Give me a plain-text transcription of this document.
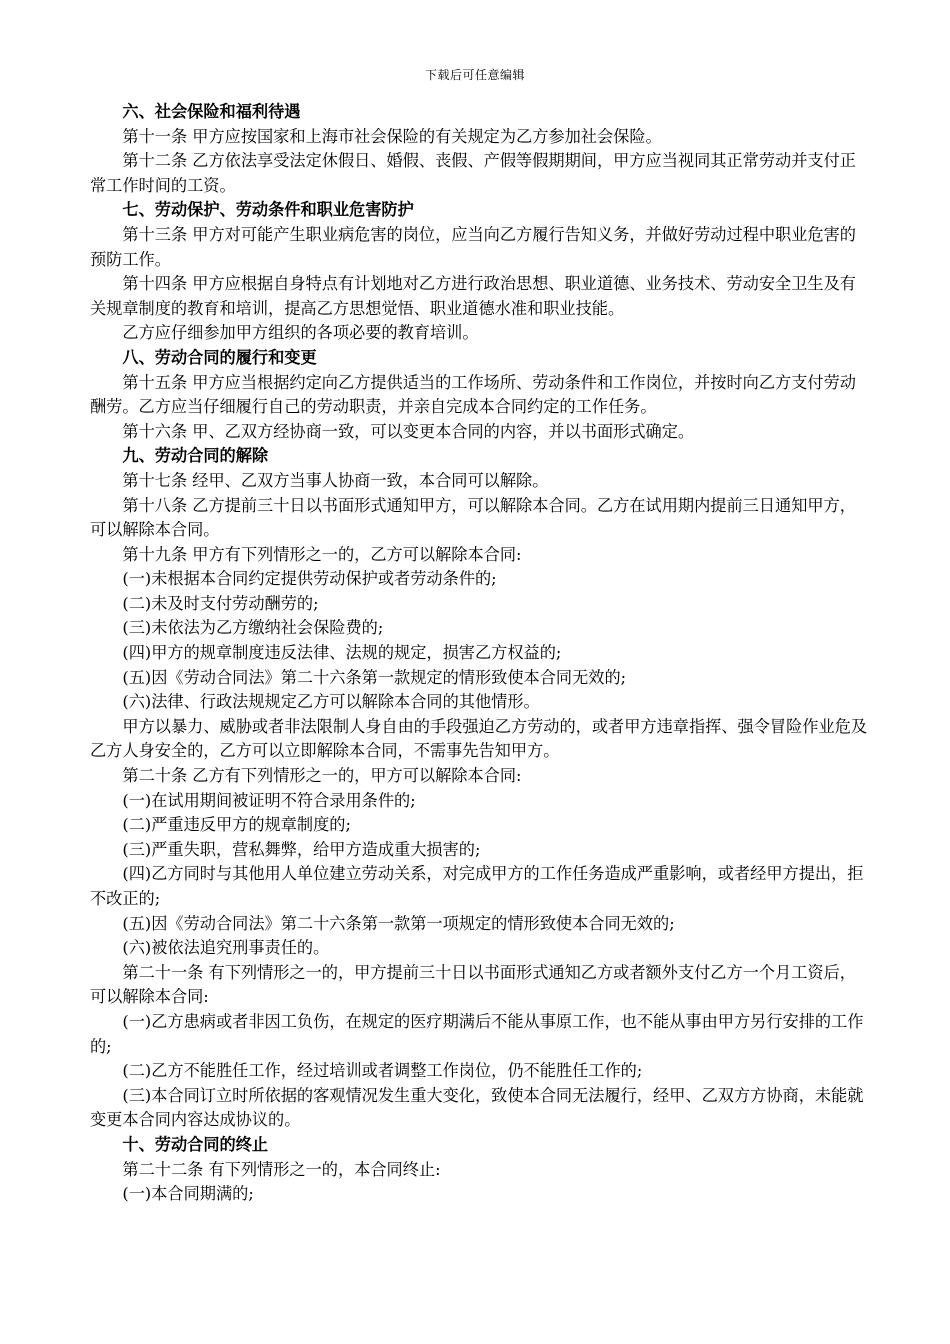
下载后可任意编辑

六、社会保险和福利待遇

第十一条 甲方应按国家和上海市社会保险的有关规定为乙方参加社会保险。

第十二条 乙方依法享受法定休假日、婚假、丧假、产假等假期期间，甲方应当视同其正常劳动并支付正常工作时间的工资。

七、劳动保护、劳动条件和职业危害防护

第十三条 甲方对可能产生职业病危害的岗位，应当向乙方履行告知义务，并做好劳动过程中职业危害的预防工作。

第十四条 甲方应根据自身特点有计划地对乙方进行政治思想、职业道德、业务技术、劳动安全卫生及有关规章制度的教育和培训，提高乙方思想觉悟、职业道德水准和职业技能。

乙方应仔细参加甲方组织的各项必要的教育培训。

八、劳动合同的履行和变更

第十五条 甲方应当根据约定向乙方提供适当的工作场所、劳动条件和工作岗位，并按时向乙方支付劳动酬劳。乙方应当仔细履行自己的劳动职责，并亲自完成本合同约定的工作任务。

第十六条 甲、乙双方经协商一致，可以变更本合同的内容，并以书面形式确定。

九、劳动合同的解除

第十七条 经甲、乙双方当事人协商一致，本合同可以解除。

第十八条 乙方提前三十日以书面形式通知甲方，可以解除本合同。乙方在试用期内提前三日通知甲方，可以解除本合同。

第十九条 甲方有下列情形之一的，乙方可以解除本合同:

(一)未根据本合同约定提供劳动保护或者劳动条件的;

(二)未及时支付劳动酬劳的;

(三)未依法为乙方缴纳社会保险费的;

(四)甲方的规章制度违反法律、法规的规定，损害乙方权益的;

(五)因《劳动合同法》第二十六条第一款规定的情形致使本合同无效的;

(六)法律、行政法规规定乙方可以解除本合同的其他情形。

甲方以暴力、威胁或者非法限制人身自由的手段强迫乙方劳动的，或者甲方违章指挥、强令冒险作业危及乙方人身安全的，乙方可以立即解除本合同，不需事先告知甲方。

第二十条 乙方有下列情形之一的，甲方可以解除本合同:

(一)在试用期间被证明不符合录用条件的;

(二)严重违反甲方的规章制度的;

(三)严重失职，营私舞弊，给甲方造成重大损害的;

(四)乙方同时与其他用人单位建立劳动关系，对完成甲方的工作任务造成严重影响，或者经甲方提出，拒不改正的;

(五)因《劳动合同法》第二十六条第一款第一项规定的情形致使本合同无效的;

(六)被依法追究刑事责任的。

第二十一条 有下列情形之一的，甲方提前三十日以书面形式通知乙方或者额外支付乙方一个月工资后，可以解除本合同:

(一)乙方患病或者非因工负伤，在规定的医疗期满后不能从事原工作，也不能从事由甲方另行安排的工作的;

(二)乙方不能胜任工作，经过培训或者调整工作岗位，仍不能胜任工作的;

(三)本合同订立时所依据的客观情况发生重大变化，致使本合同无法履行，经甲、乙双方方协商，未能就变更本合同内容达成协议的。

十、劳动合同的终止

第二十二条 有下列情形之一的，本合同终止:

(一)本合同期满的;
